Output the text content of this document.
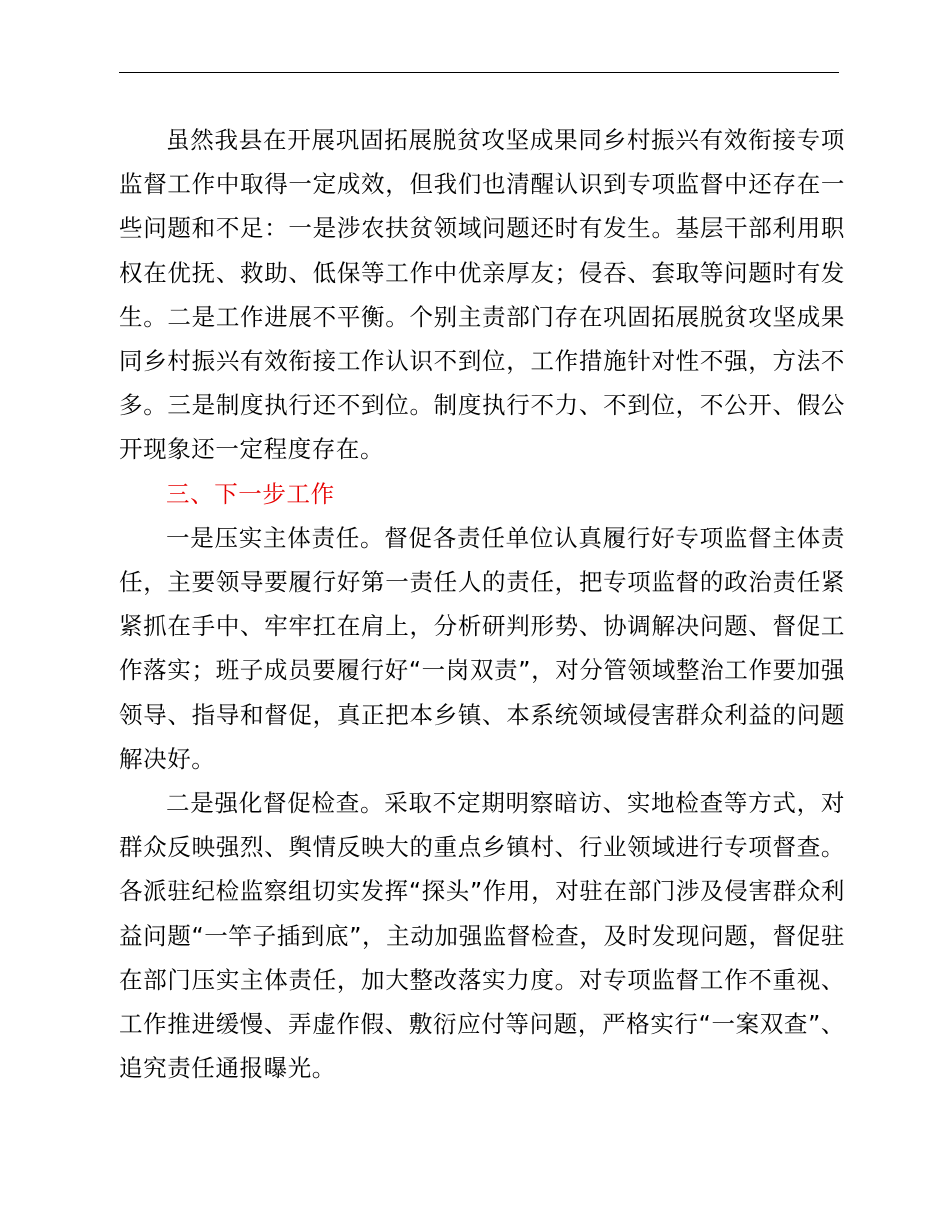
虽然我县在开展巩固拓展脱贫攻坚成果同乡村振兴有效衔接专项监督工作中取得一定成效，但我们也清醒认识到专项监督中还存在一些问题和不足：一是涉农扶贫领域问题还时有发生。基层干部利用职权在优抚、救助、低保等工作中优亲厚友；侵吞、套取等问题时有发生。二是工作进展不平衡。个别主责部门存在巩固拓展脱贫攻坚成果同乡村振兴有效衔接工作认识不到位，工作措施针对性不强，方法不多。三是制度执行还不到位。制度执行不力、不到位，不公开、假公开现象还一定程度存在。

三、下一步工作

一是压实主体责任。督促各责任单位认真履行好专项监督主体责任，主要领导要履行好第一责任人的责任，把专项监督的政治责任紧紧抓在手中、牢牢扛在肩上，分析研判形势、协调解决问题、督促工作落实；班子成员要履行好“一岗双责”，对分管领域整治工作要加强领导、指导和督促，真正把本乡镇、本系统领域侵害群众利益的问题解决好。

二是强化督促检查。采取不定期明察暗访、实地检查等方式，对群众反映强烈、舆情反映大的重点乡镇村、行业领域进行专项督查。各派驻纪检监察组切实发挥“探头”作用，对驻在部门涉及侵害群众利益问题“一竿子插到底”，主动加强监督检查，及时发现问题，督促驻在部门压实主体责任，加大整改落实力度。对专项监督工作不重视、工作推进缓慢、弄虚作假、敷衍应付等问题，严格实行“一案双查”、追究责任通报曝光。
